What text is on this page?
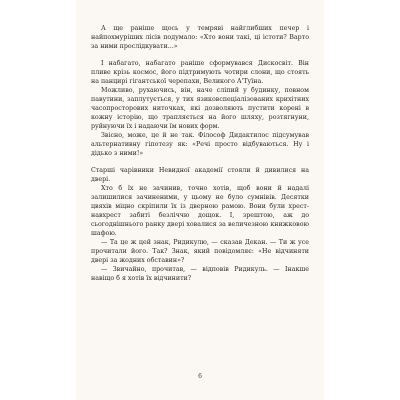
А ще раніше щось у темряві найглибших печер і найпохмуріших лісів подумало: «Хто вони такі, ці істоти? Варто за ними прослідкувати...»

І набагато, набагато раніше сформувався Дискосвіт. Він пливе крізь космос, його підтримують чотири слони, що стоять на панцирі гігантської черепахи, Великого А'Туїна.

Можливо, рухаючись, він, наче сліпий у будинку, повном павутини, заплутується, у тих язиковспеціалізованих крихітних часопросторових ниточках, які дозволяють пустити корені в кожну історію, що трапляється на його шляху, розтягнуни, руйнуючи їх і надаючи їм нових форм.

Звісно, може, це й не так. Філософ Дидактилос підсумував альтернативну гіпотезу як: «Речі просто відбуваються. Ну і дідько з ними!»

Старші чарівники Невидної академії стояли й дивилися на двері.

Хто б їх не зачинив, точно хотів, щоб вони й надалі залишилися зачиненими, у цьому не було сумнівів. Десятки цвяхів міцно скріпили їх із дверною рамою. Вони були хрест-навхрест забиті безліччю дощок. І, зрештою, аж до сьогоднішнього ранку двері ховалися за величезною книжковою шафою.

— Та це ж цей знак, Ридикулю, — сказав Декан. — Ти ж усе прочитали його. Так? Знак, який повідомляє: «Не відчиняти двері за жодних обставин»?

— Звичайно, прочитав, — відповів Ридикуль. — Інакше навіщо б я хотів їх відчинити?

6
